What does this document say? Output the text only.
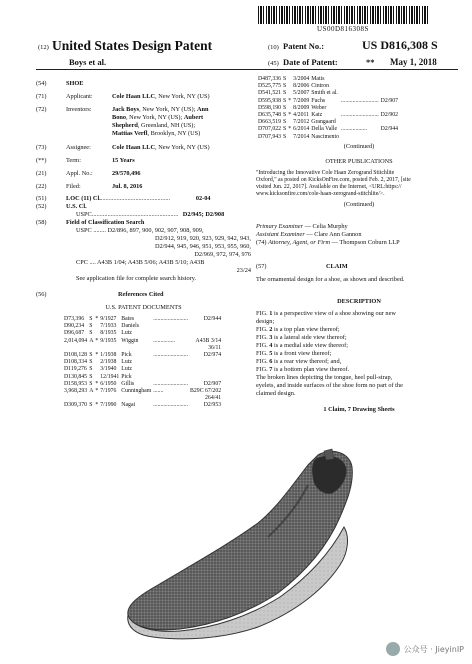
US00D816308S
(12) United States Design Patent	(10) Patent No.:	US D816,308 S
Boys et al.	(45) Date of Patent:	** May 1, 2018
(54)	SHOE
(71)	Applicant:	Cole Haan LLC , New York, NY (US)
(72)	Inventors:	Jack Boys, New York, NY (US); Ann
Bono, New York, NY (US); Aubert
Shepherd, Greenland, NH (US);
Mattias Verfl, Brooklyn, NY (US)
(73)	Assignee:	Cole Haan LLC , New York, NY (US)
(**)	Term:	15 Years
(21)	Appl. No.:	29/570,496
(22)	Filed:	Jul. 8, 2016
(51)	LOC (11) Cl. ............................................	02-04
(52)	U.S. Cl.
USPC ....................................................... D2/945; D2/908
(58)	Field of Classification Search
USPC ........ D2/896, 897, 900, 902, 907, 908, 909,
D2/912, 919, 920, 923, 929, 942, 943,
D2/944, 945, 946, 951, 953, 955, 960,
D2/969, 972, 974, 976
CPC .... A43B 1/04; A43B 5/06; A43B 5/10; A43B
23/24
See application file for complete search history.
(56)	References Cited
U.S. PATENT DOCUMENTS
D73,396	S	*	9/1927	Bates	........................	D2/944
D90,234	S		7/1933	Daniels		
D96,687	S		8/1935	Lutz		
2,014,094	A	*	9/1935	Wiggin	...............	A43B 3/14
						36/11
D108,128	S	*	1/1938	Pick	........................	D2/974
D108,334	S		2/1938	Lutz		
D119,276	S		3/1940	Lutz		
D130,845	S		12/1941	Pick		
D158,953	S	*	6/1950	Gillis	........................	D2/907
3,968,293	A	*	7/1976	Cunningham	.......	B29C 67/202
						264/41
D309,370	S	*	7/1990	Nagai	........................	D2/953
D487,336	S		3/2004	Matis		
D525,775	S		8/2006	Cintron		
D541,521	S		5/2007	Smith et al.		
D595,938	S	*	7/2009	Fuchs	..........................	D2/907
D598,190	S		8/2009	Weber		
D635,748	S	*	4/2011	Katz	..........................	D2/902
D663,519	S		7/2012	Grangaard		
D707,022	S	*	6/2014	Della Valle	..................	D2/944
D707,943	S		7/2014	Nascimento		
(Continued)
OTHER PUBLICATIONS
"Introducing the Innovative Cole Haan Zerogrand Stitchlite
Oxford," as posted on KicksOnFire.com, posted Feb. 2, 2017, [site
visited Jun. 22, 2017]. Available on the Internet, <URL:https://
www.kicksonfire.com/cole-haan-zerogrand-stitchlite/>.
(Continued)
Primary Examiner — Celia Murphy
Assistant Examiner — Clare Ann Gannon
(74) Attorney, Agent, or Firm — Thompson Coburn LLP
(57)	CLAIM
The ornamental design for a shoe, as shown and described.
DESCRIPTION
FIG. 1 is a perspective view of a shoe showing our new
design;
FIG. 2 is a top plan view thereof;
FIG. 3 is a lateral side view thereof;
FIG. 4 is a medial side view thereof;
FIG. 5 is a front view thereof;
FIG. 6 is a rear view thereof; and,
FIG. 7 is a bottom plan view thereof.
The broken lines depicting the tongue, heel pull-strap,
eyelets, and inside surfaces of the shoe form no part of the
claimed design.
1 Claim, 7 Drawing Sheets
公众号 · JieyinIP
